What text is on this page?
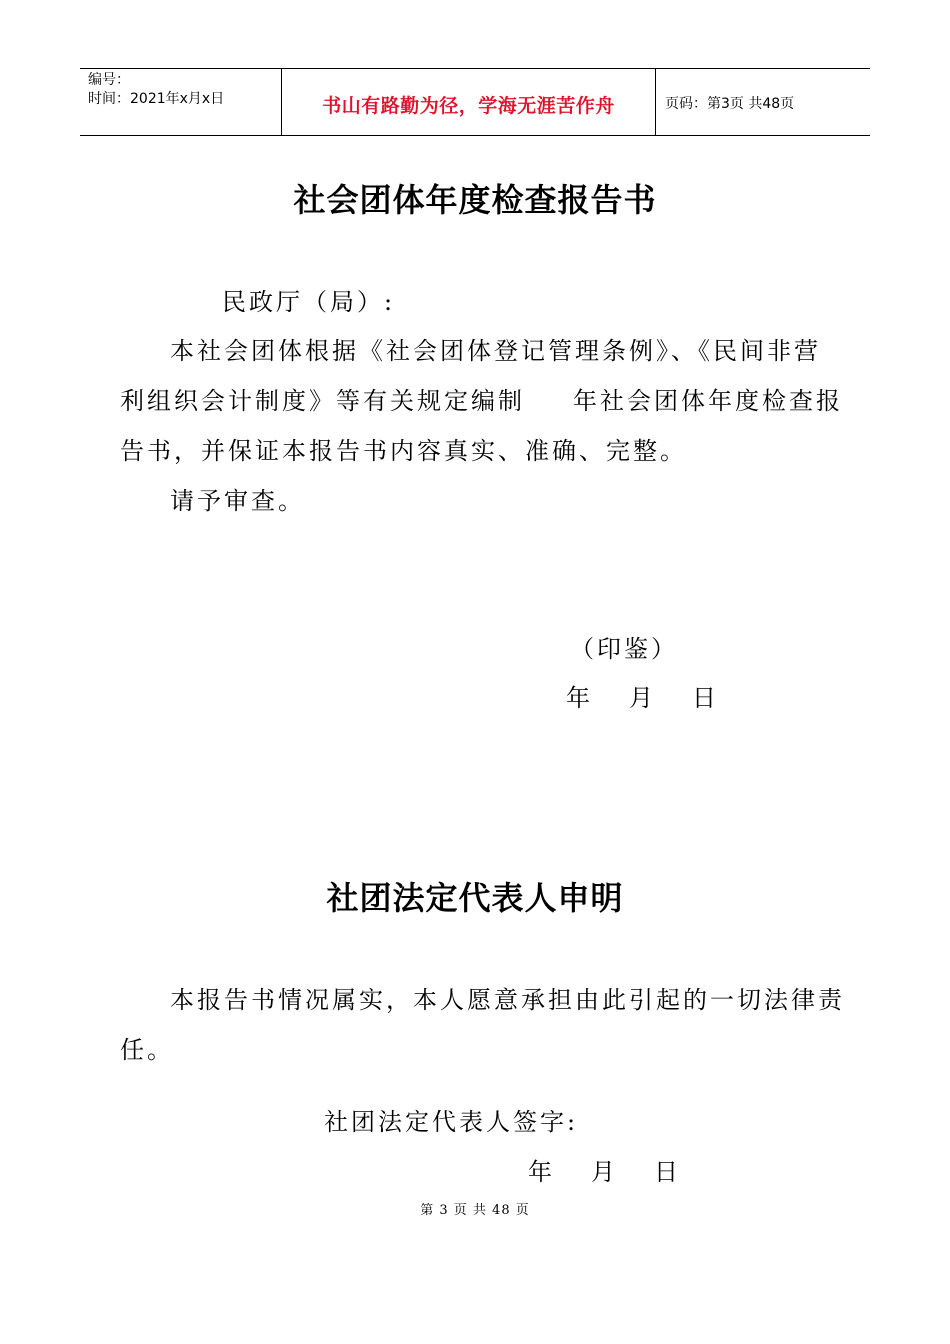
编号：
时间：2021年x月x日	书山有路勤为径，学海无涯苦作舟	页码：第3页 共48页
社会团体年度检查报告书
民政厅（局）:
本社会团体根据《社会团体登记管理条例》、《民间非营
利组织会计制度》等有关规定编制 年社会团体年度检查报
告书，并保证本报告书内容真实、准确、完整。
请予审查。
（印鉴）
年 月 日
社团法定代表人申明
本报告书情况属实，本人愿意承担由此引起的一切法律责
任。
社团法定代表人签字:
年 月 日
第 3 页 共 48 页
